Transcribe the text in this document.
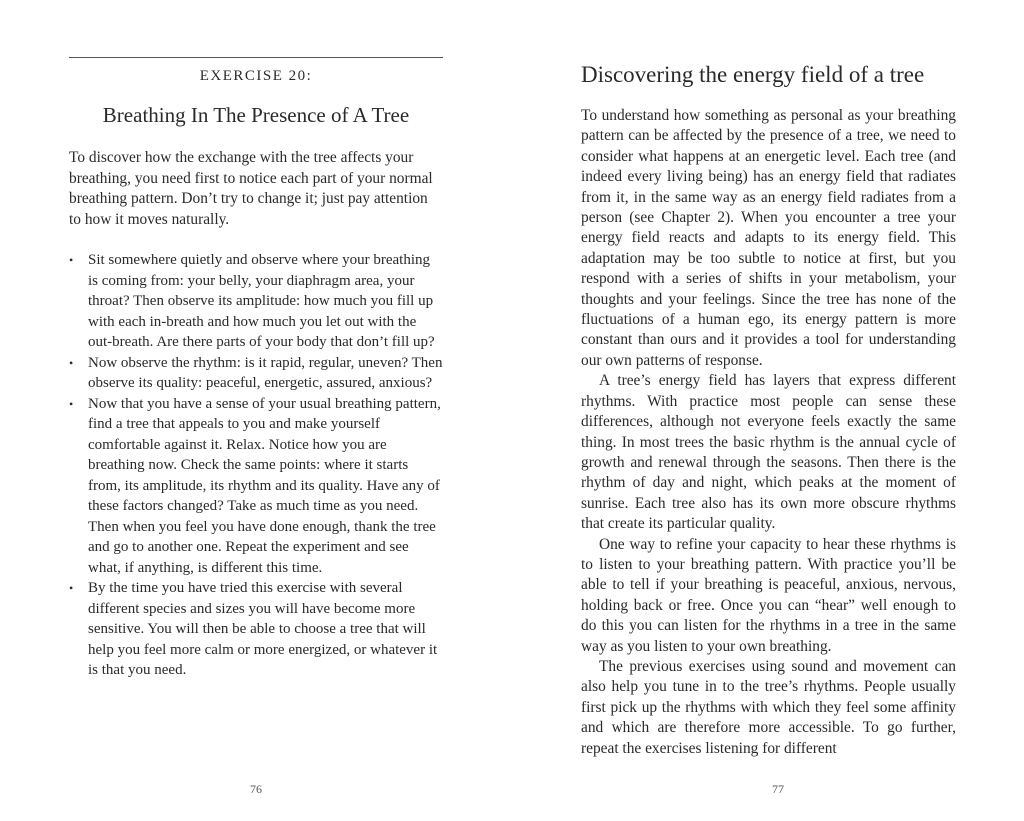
EXERCISE 20:
Breathing In The Presence of A Tree

To discover how the exchange with the tree affects your breathing, you need first to notice each part of your normal breathing pattern. Don’t try to change it; just pay attention to how it moves naturally.

• Sit somewhere quietly and observe where your breathing is coming from: your belly, your diaphragm area, your throat? Then observe its amplitude: how much you fill up with each in-breath and how much you let out with the out-breath. Are there parts of your body that don’t fill up?
• Now observe the rhythm: is it rapid, regular, uneven? Then observe its quality: peaceful, energetic, assured, anxious?
• Now that you have a sense of your usual breathing pattern, find a tree that appeals to you and make yourself comfortable against it. Relax. Notice how you are breathing now. Check the same points: where it starts from, its amplitude, its rhythm and its quality. Have any of these factors changed? Take as much time as you need. Then when you feel you have done enough, thank the tree and go to another one. Repeat the experiment and see what, if anything, is different this time.
• By the time you have tried this exercise with several different species and sizes you will have become more sensitive. You will then be able to choose a tree that will help you feel more calm or more energized, or whatever it is that you need.
76
Discovering the energy field of a tree

To understand how something as personal as your breathing pattern can be affected by the presence of a tree, we need to consider what happens at an energetic level. Each tree (and indeed every living being) has an energy field that radiates from it, in the same way as an energy field radiates from a person (see Chapter 2). When you encounter a tree your energy field reacts and adapts to its energy field. This adaptation may be too subtle to notice at first, but you respond with a series of shifts in your metabolism, your thoughts and your feelings. Since the tree has none of the fluctuations of a human ego, its energy pattern is more constant than ours and it provides a tool for understanding our own patterns of response.

A tree’s energy field has layers that express different rhythms. With practice most people can sense these differences, although not everyone feels exactly the same thing. In most trees the basic rhythm is the annual cycle of growth and renewal through the seasons. Then there is the rhythm of day and night, which peaks at the moment of sunrise. Each tree also has its own more obscure rhythms that create its particular quality.

One way to refine your capacity to hear these rhythms is to listen to your breathing pattern. With practice you’ll be able to tell if your breathing is peaceful, anxious, nervous, holding back or free. Once you can “hear” well enough to do this you can listen for the rhythms in a tree in the same way as you listen to your own breathing.

The previous exercises using sound and movement can also help you tune in to the tree’s rhythms. People usually first pick up the rhythms with which they feel some affinity and which are therefore more accessible. To go further, repeat the exercises listening for different

77
